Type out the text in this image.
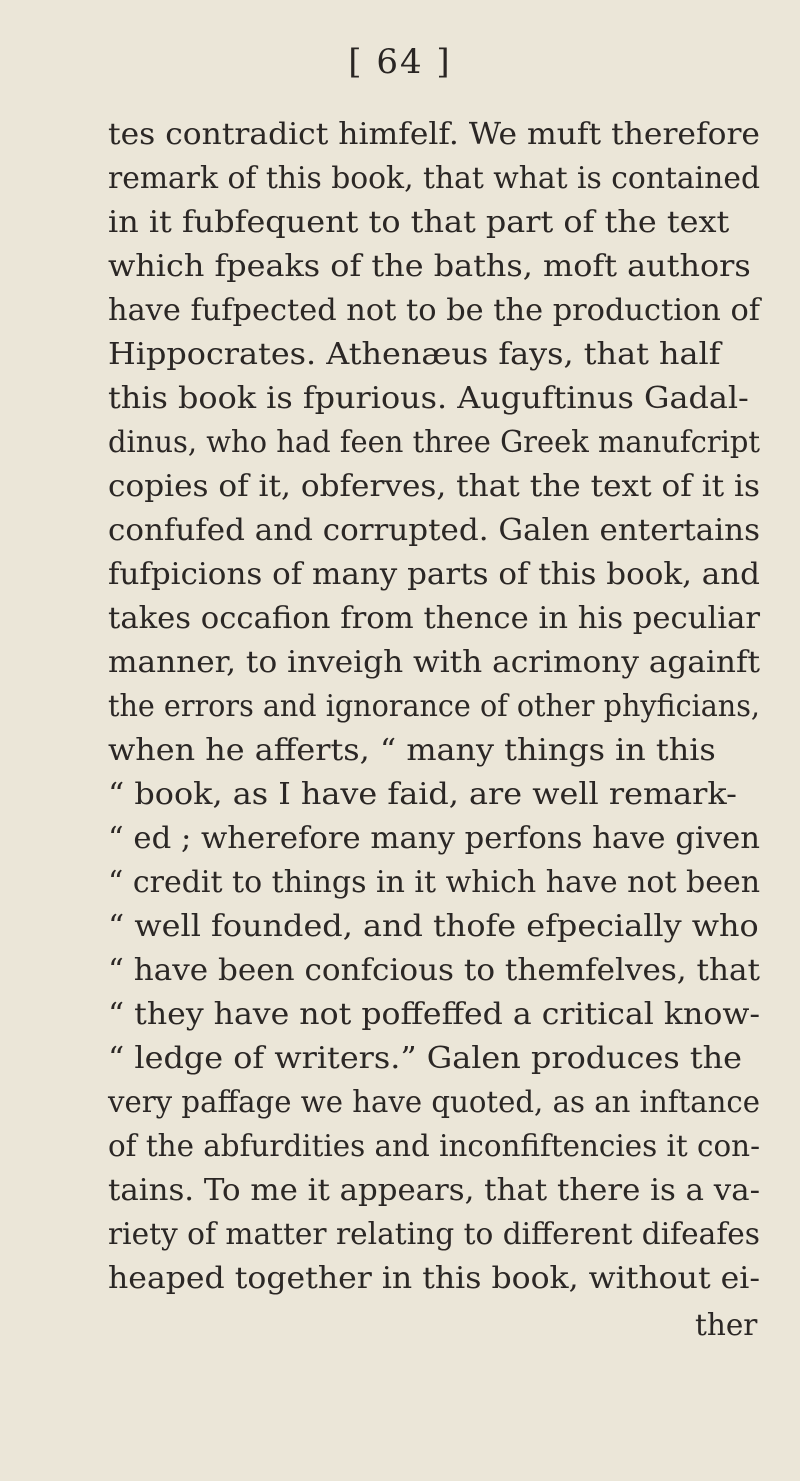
[ 64 ]
tes contradict himfelf. We muft therefore
remark of this book, that what is contained
in it fubfequent to that part of the text
which fpeaks of the baths, moft authors
have fufpected not to be the production of
Hippocrates. Athenæus fays, that half
this book is fpurious. Auguftinus Gadal-
dinus, who had feen three Greek manufcript
copies of it, obferves, that the text of it is
confufed and corrupted. Galen entertains
fufpicions of many parts of this book, and
takes occafion from thence in his peculiar
manner, to inveigh with acrimony againft
the errors and ignorance of other phyficians,
when he afferts, “ many things in this
“ book, as I have faid, are well remark-
“ ed ; wherefore many perfons have given
“ credit to things in it which have not been
“ well founded, and thofe efpecially who
“ have been confcious to themfelves, that
“ they have not poffeffed a critical know-
“ ledge of writers.” Galen produces the
very paffage we have quoted, as an inftance
of the abfurdities and inconfiftencies it con-
tains. To me it appears, that there is a va-
riety of matter relating to different difeafes
heaped together in this book, without ei-
ther
